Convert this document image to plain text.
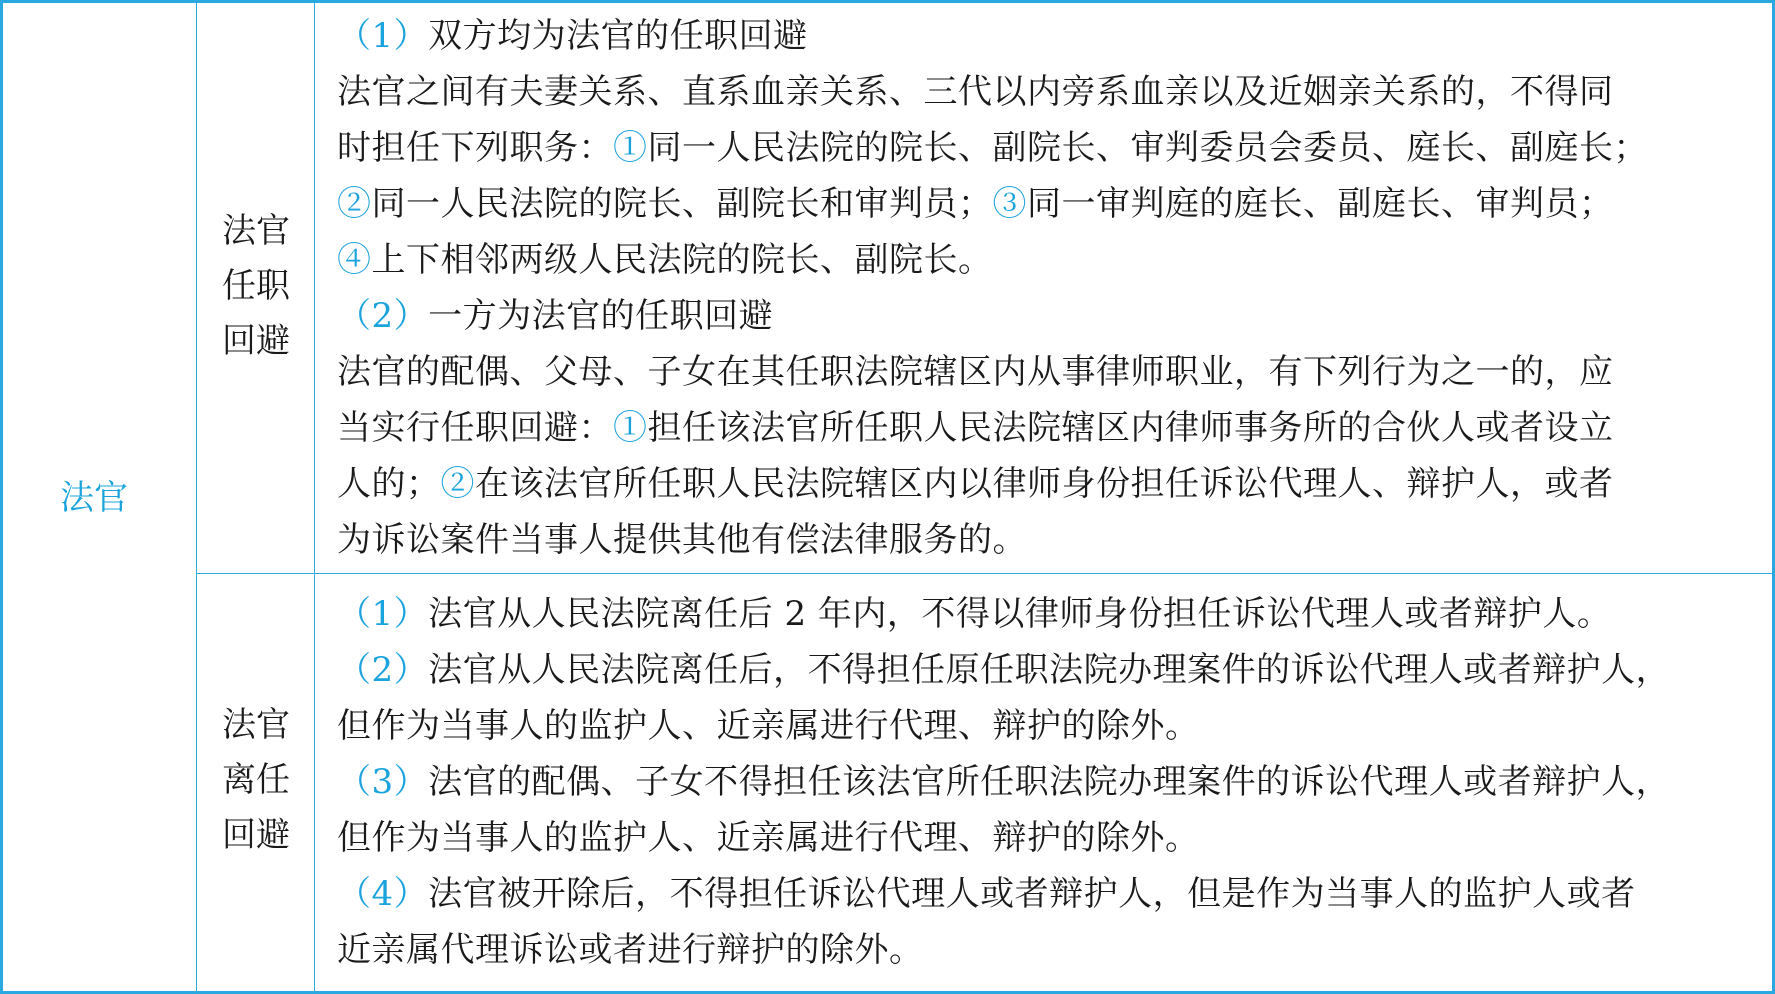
法官
法官
任职
回避
法官
离任
回避

（1）双方均为法官的任职回避

法官之间有夫妻关系、直系血亲关系、三代以内旁系血亲以及近姻亲关系的，不得同

时担任下列职务：①同一人民法院的院长、副院长、审判委员会委员、庭长、副庭长；

②同一人民法院的院长、副院长和审判员；③同一审判庭的庭长、副庭长、审判员；

④上下相邻两级人民法院的院长、副院长。

（2）一方为法官的任职回避

法官的配偶、父母、子女在其任职法院辖区内从事律师职业，有下列行为之一的，应

当实行任职回避：①担任该法官所任职人民法院辖区内律师事务所的合伙人或者设立

人的；②在该法官所任职人民法院辖区内以律师身份担任诉讼代理人、辩护人，或者

为诉讼案件当事人提供其他有偿法律服务的。

（1）法官从人民法院离任后 2 年内，不得以律师身份担任诉讼代理人或者辩护人。

（2）法官从人民法院离任后，不得担任原任职法院办理案件的诉讼代理人或者辩护人，

但作为当事人的监护人、近亲属进行代理、辩护的除外。

（3）法官的配偶、子女不得担任该法官所任职法院办理案件的诉讼代理人或者辩护人，

但作为当事人的监护人、近亲属进行代理、辩护的除外。

（4）法官被开除后，不得担任诉讼代理人或者辩护人，但是作为当事人的监护人或者

近亲属代理诉讼或者进行辩护的除外。
